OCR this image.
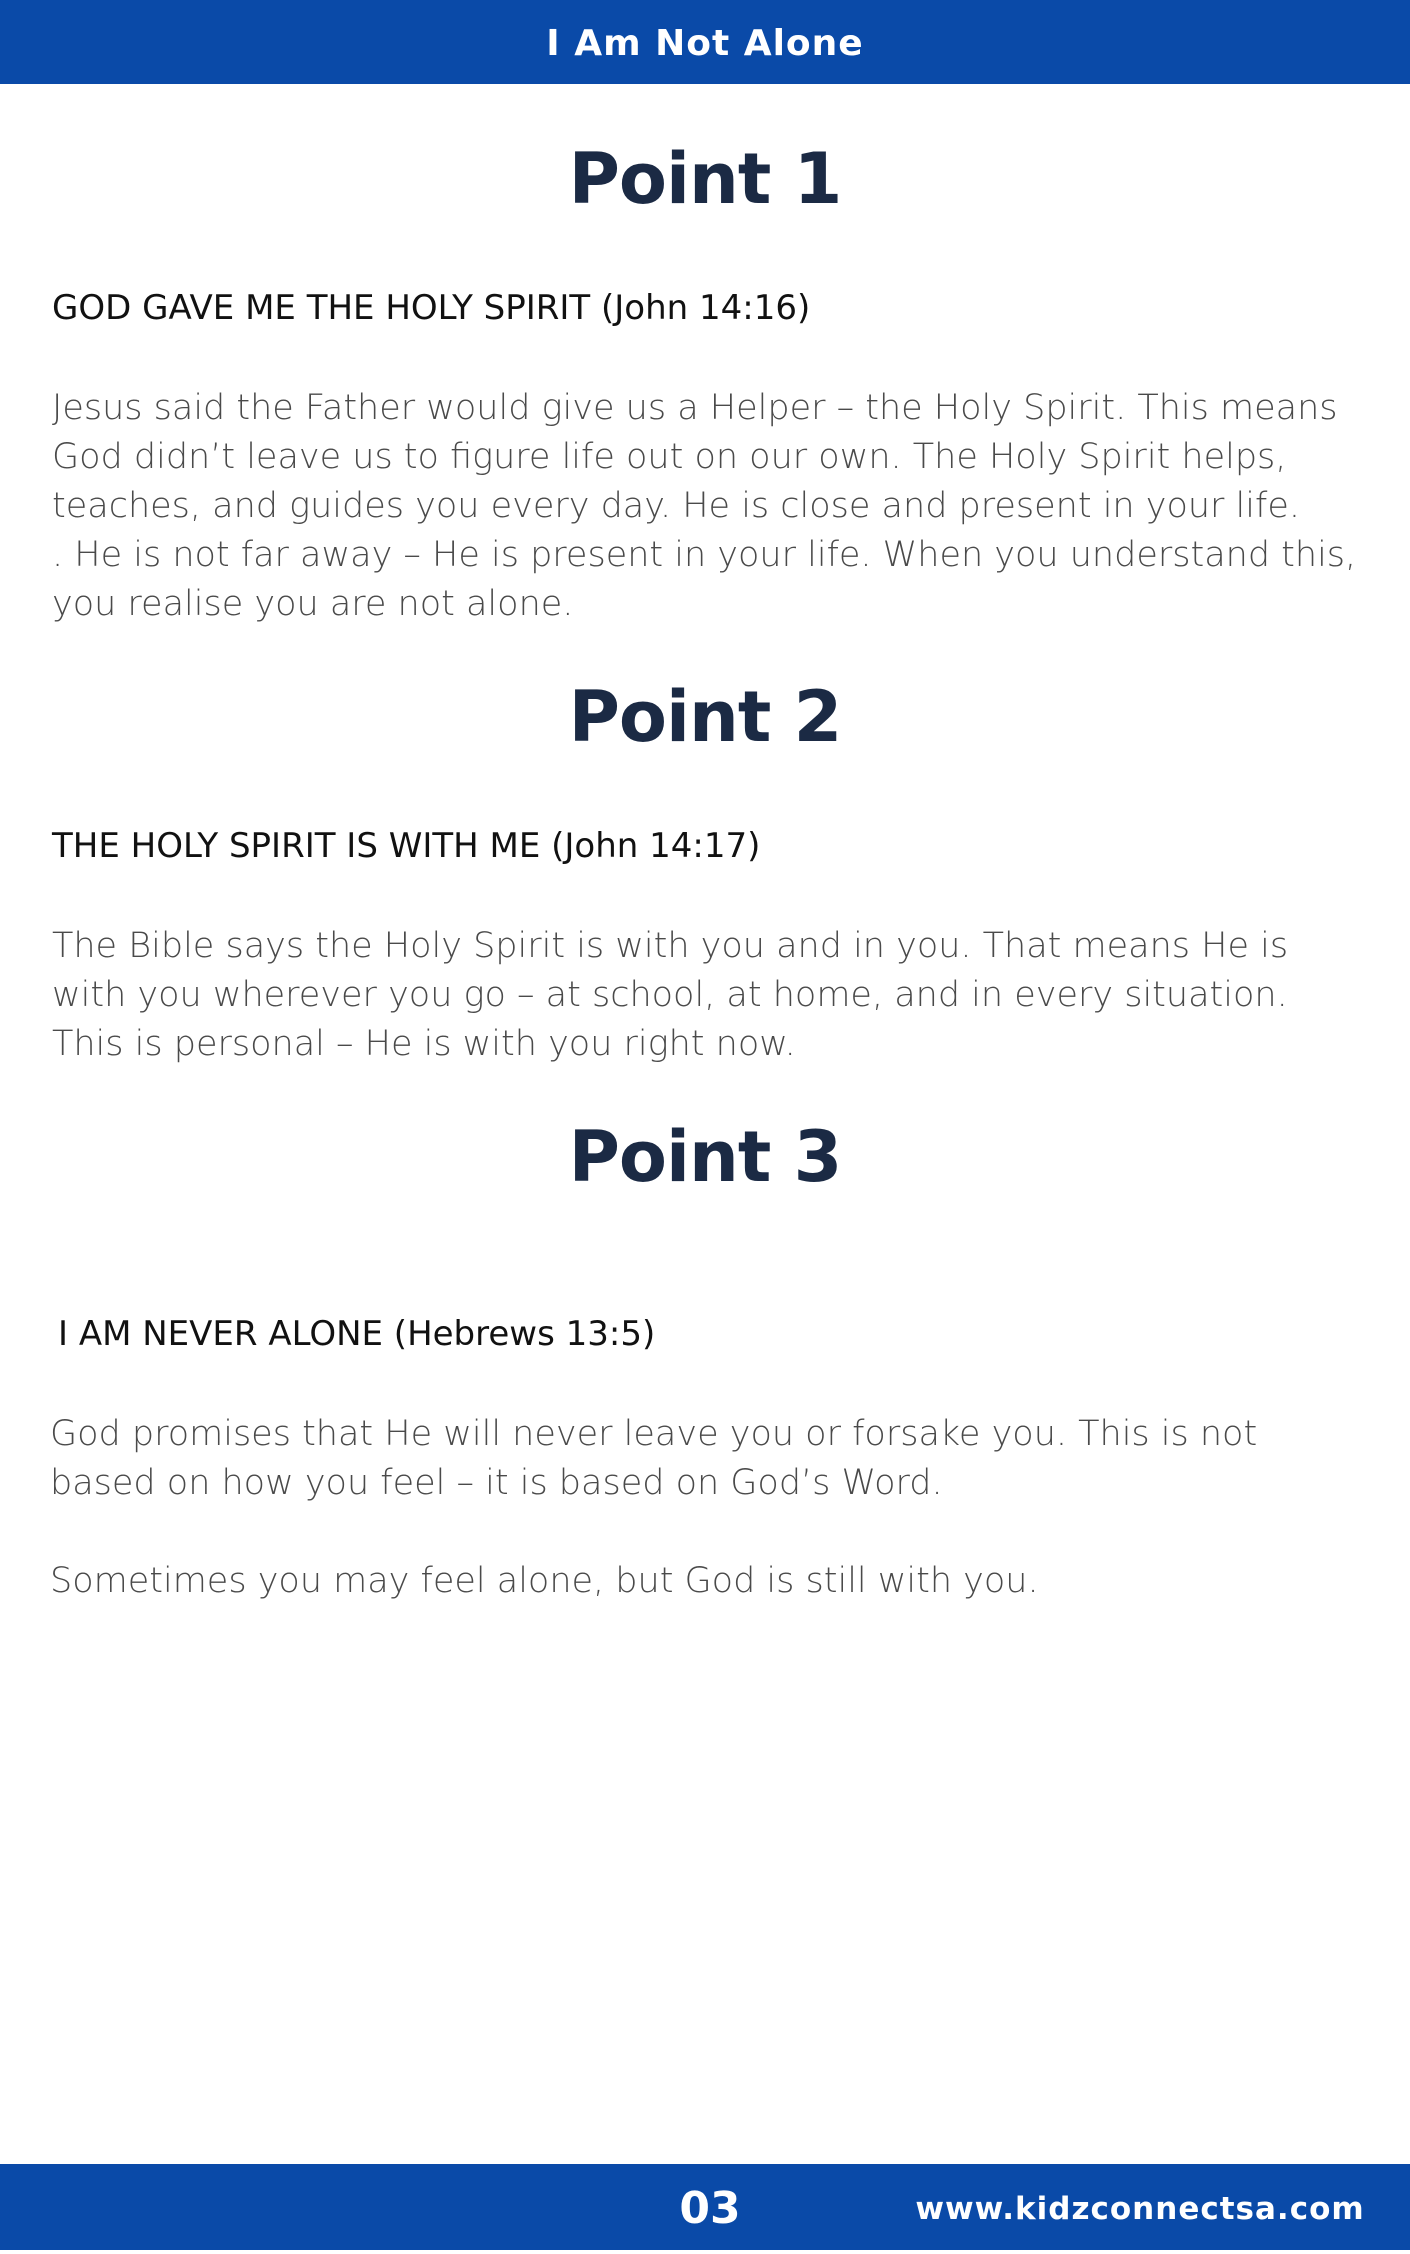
I Am Not Alone
Point 1
GOD GAVE ME THE HOLY SPIRIT (John 14:16)
Jesus said the Father would give us a Helper – the Holy Spirit. This means
God didn’t leave us to figure life out on our own. The Holy Spirit helps,
teaches, and guides you every day. He is close and present in your life.
. He is not far away – He is present in your life. When you understand this,
you realise you are not alone.
Point 2
THE HOLY SPIRIT IS WITH ME (John 14:17)
The Bible says the Holy Spirit is with you and in you. That means He is
with you wherever you go – at school, at home, and in every situation.
This is personal – He is with you right now.
Point 3
I AM NEVER ALONE (Hebrews 13:5)
God promises that He will never leave you or forsake you. This is not
based on how you feel – it is based on God’s Word.
Sometimes you may feel alone, but God is still with you.
03	www.kidzconnectsa.com
